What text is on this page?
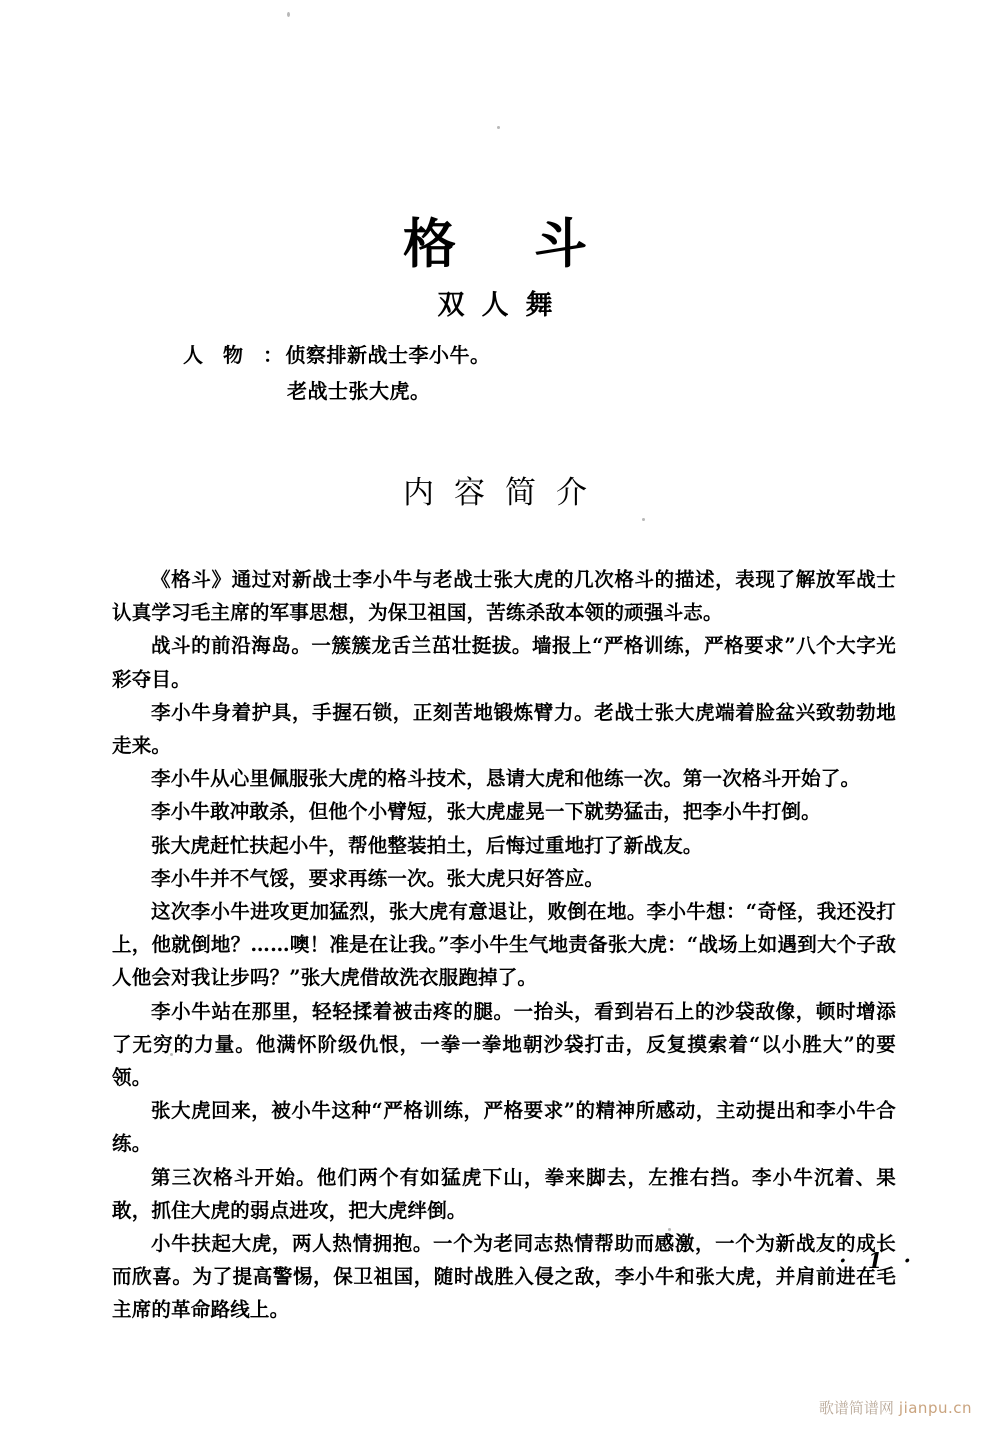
格斗
双人舞
人物： 侦察排新战士李小牛。
老战士张大虎。
内容简介

《格斗》通过对新战士李小牛与老战士张大虎的几次格斗的描述，表现了解放军战士认真学习毛主席的军事思想，为保卫祖国，苦练杀敌本领的顽强斗志。

战斗的前沿海岛。一簇簇龙舌兰茁壮挺拔。墙报上“严格训练，严格要求”八个大字光彩夺目。

李小牛身着护具，手握石锁，正刻苦地锻炼臂力。老战士张大虎端着脸盆兴致勃勃地走来。

李小牛从心里佩服张大虎的格斗技术，恳请大虎和他练一次。第一次格斗开始了。

李小牛敢冲敢杀，但他个小臂短，张大虎虚晃一下就势猛击，把李小牛打倒。

张大虎赶忙扶起小牛，帮他整装拍土，后悔过重地打了新战友。

李小牛并不气馁，要求再练一次。张大虎只好答应。

这次李小牛进攻更加猛烈，张大虎有意退让，败倒在地。李小牛想：“奇怪，我还没打上，他就倒地？……噢！准是在让我。”李小牛生气地责备张大虎：“战场上如遇到大个子敌人他会对我让步吗？”张大虎借故洗衣服跑掉了。

李小牛站在那里，轻轻揉着被击疼的腿。一抬头，看到岩石上的沙袋敌像，顿时增添了无穷的力量。他满怀阶级仇恨，一拳一拳地朝沙袋打击，反复摸索着“以小胜大”的要领。

张大虎回来，被小牛这种“严格训练，严格要求”的精神所感动，主动提出和李小牛合练。

第三次格斗开始。他们两个有如猛虎下山，拳来脚去，左推右挡。李小牛沉着、果敢，抓住大虎的弱点进攻，把大虎绊倒。

小牛扶起大虎，两人热情拥抱。一个为老同志热情帮助而感激，一个为新战友的成长而欣喜。为了提高警惕，保卫祖国，随时战胜入侵之敌，李小牛和张大虎，并肩前进在毛主席的革命路线上。

· 1 ·
歌谱简谱网 jianpu.cn
